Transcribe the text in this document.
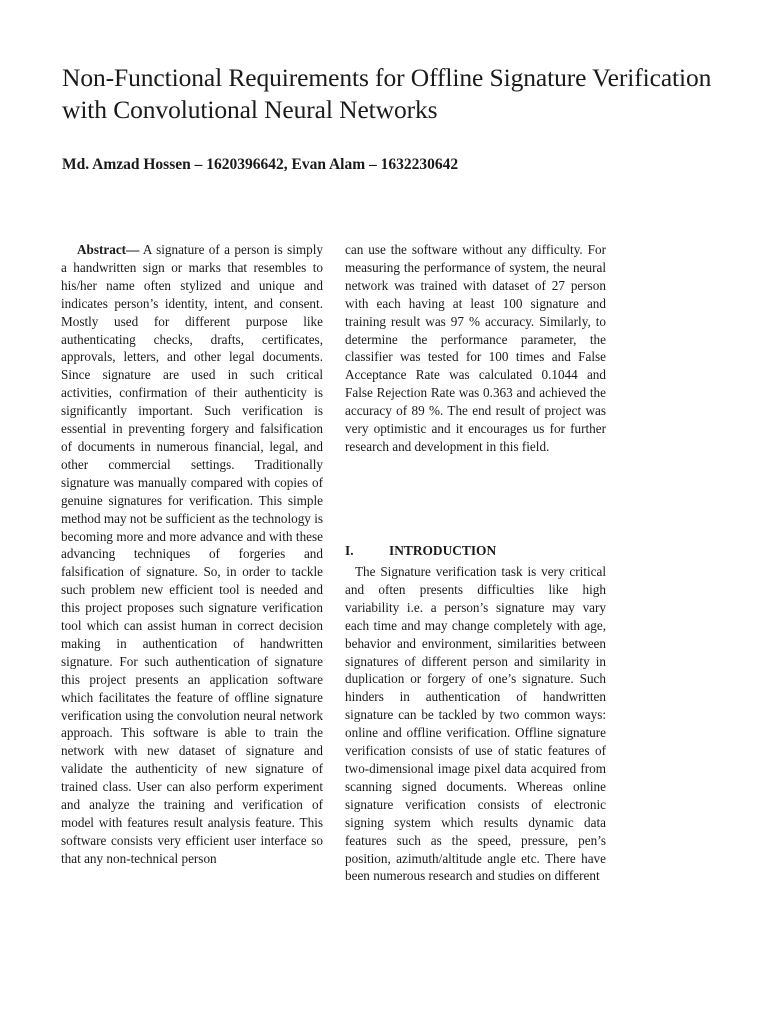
Non-Functional Requirements for Offline Signature Verification with Convolutional Neural Networks

Md. Amzad Hossen – 1620396642, Evan Alam – 1632230642

Abstract— A signature of a person is simply a handwritten sign or marks that resembles to his/her name often stylized and unique and indicates person’s identity, intent, and consent. Mostly used for different purpose like authenticating checks, drafts, certificates, approvals, letters, and other legal documents. Since signature are used in such critical activities, confirmation of their authenticity is significantly important. Such verification is essential in preventing forgery and falsification of documents in numerous financial, legal, and other commercial settings. Traditionally signature was manually compared with copies of genuine signatures for verification. This simple method may not be sufficient as the technology is becoming more and more advance and with these advancing techniques of forgeries and falsification of signature. So, in order to tackle such problem new efficient tool is needed and this project proposes such signature verification tool which can assist human in correct decision making in authentication of handwritten signature. For such authentication of signature this project presents an application software which facilitates the feature of offline signature verification using the convolution neural network approach. This software is able to train the network with new dataset of signature and validate the authenticity of new signature of trained class. User can also perform experiment and analyze the training and verification of model with features result analysis feature. This software consists very efficient user interface so that any non-technical person

can use the software without any difficulty. For measuring the performance of system, the neural network was trained with dataset of 27 person with each having at least 100 signature and training result was 97 % accuracy. Similarly, to determine the performance parameter, the classifier was tested for 100 times and False Acceptance Rate was calculated 0.1044 and False Rejection Rate was 0.363 and achieved the accuracy of 89 %. The end result of project was very optimistic and it encourages us for further research and development in this field.

I.	INTRODUCTION

The Signature verification task is very critical and often presents difficulties like high variability i.e. a person’s signature may vary each time and may change completely with age, behavior and environment, similarities between signatures of different person and similarity in duplication or forgery of one’s signature. Such hinders in authentication of handwritten signature can be tackled by two common ways: online and offline verification. Offline signature verification consists of use of static features of two-dimensional image pixel data acquired from scanning signed documents. Whereas online signature verification consists of electronic signing system which results dynamic data features such as the speed, pressure, pen’s position, azimuth/altitude angle etc. There have been numerous research and studies on different
